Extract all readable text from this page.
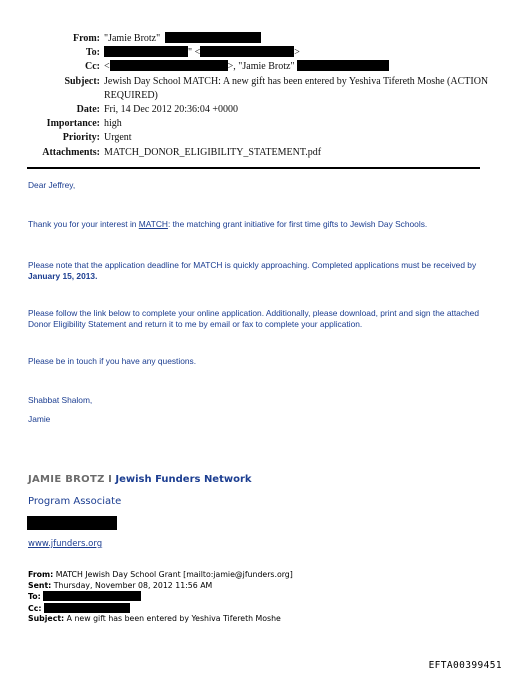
From: "Jamie Brotz"
To:	" <	>
Cc: <	>, "Jamie Brotz"
Subject: Jewish Day School MATCH: A new gift has been entered by Yeshiva Tifereth Moshe (ACTION REQUIRED)
Date: Fri, 14 Dec 2012 20:36:04 +0000
Importance: high
Priority: Urgent
Attachments: MATCH_DONOR_ELIGIBILITY_STATEMENT.pdf

Dear Jeffrey,

Thank you for your interest in MATCH: the matching grant initiative for first time gifts to Jewish Day Schools.

Please note that the application deadline for MATCH is quickly approaching. Completed applications must be received by January 15, 2013.

Please follow the link below to complete your online application. Additionally, please download, print and sign the attached Donor Eligibility Statement and return it to me by email or fax to complete your application.

Please be in touch if you have any questions.

Shabbat Shalom,

Jamie

JAMIE BROTZ I Jewish Funders Network
Program Associate
www.jfunders.org
From: MATCH Jewish Day School Grant [mailto:jamie@jfunders.org]
Sent: Thursday, November 08, 2012 11:56 AM
To:
Cc:
Subject: A new gift has been entered by Yeshiva Tifereth Moshe
EFTA00399451
